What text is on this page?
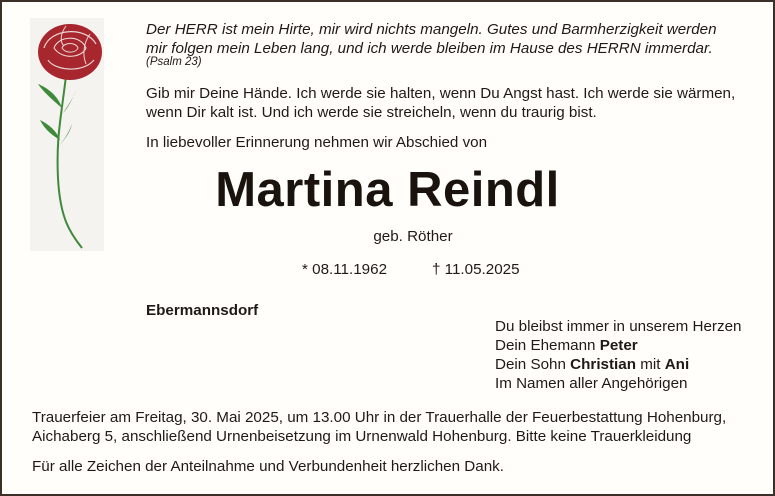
Der HERR ist mein Hirte, mir wird nichts mangeln. Gutes und Barmherzigkeit werden
mir folgen mein Leben lang, und ich werde bleiben im Hause des HERRN immerdar.
(Psalm 23)
Gib mir Deine Hände. Ich werde sie halten, wenn Du Angst hast. Ich werde sie wärmen,
wenn Dir kalt ist. Und ich werde sie streicheln, wenn du traurig bist.
In liebevoller Erinnerung nehmen wir Abschied von
Martina Reindl
geb. Röther
* 08.11.1962	† 11.05.2025
Ebermannsdorf
Du bleibst immer in unserem Herzen
Dein Ehemann Peter
Dein Sohn Christian mit Ani
Im Namen aller Angehörigen
Trauerfeier am Freitag, 30. Mai 2025, um 13.00 Uhr in der Trauerhalle der Feuerbestattung Hohenburg,
Aichaberg 5, anschließend Urnenbeisetzung im Urnenwald Hohenburg. Bitte keine Trauerkleidung
Für alle Zeichen der Anteilnahme und Verbundenheit herzlichen Dank.
